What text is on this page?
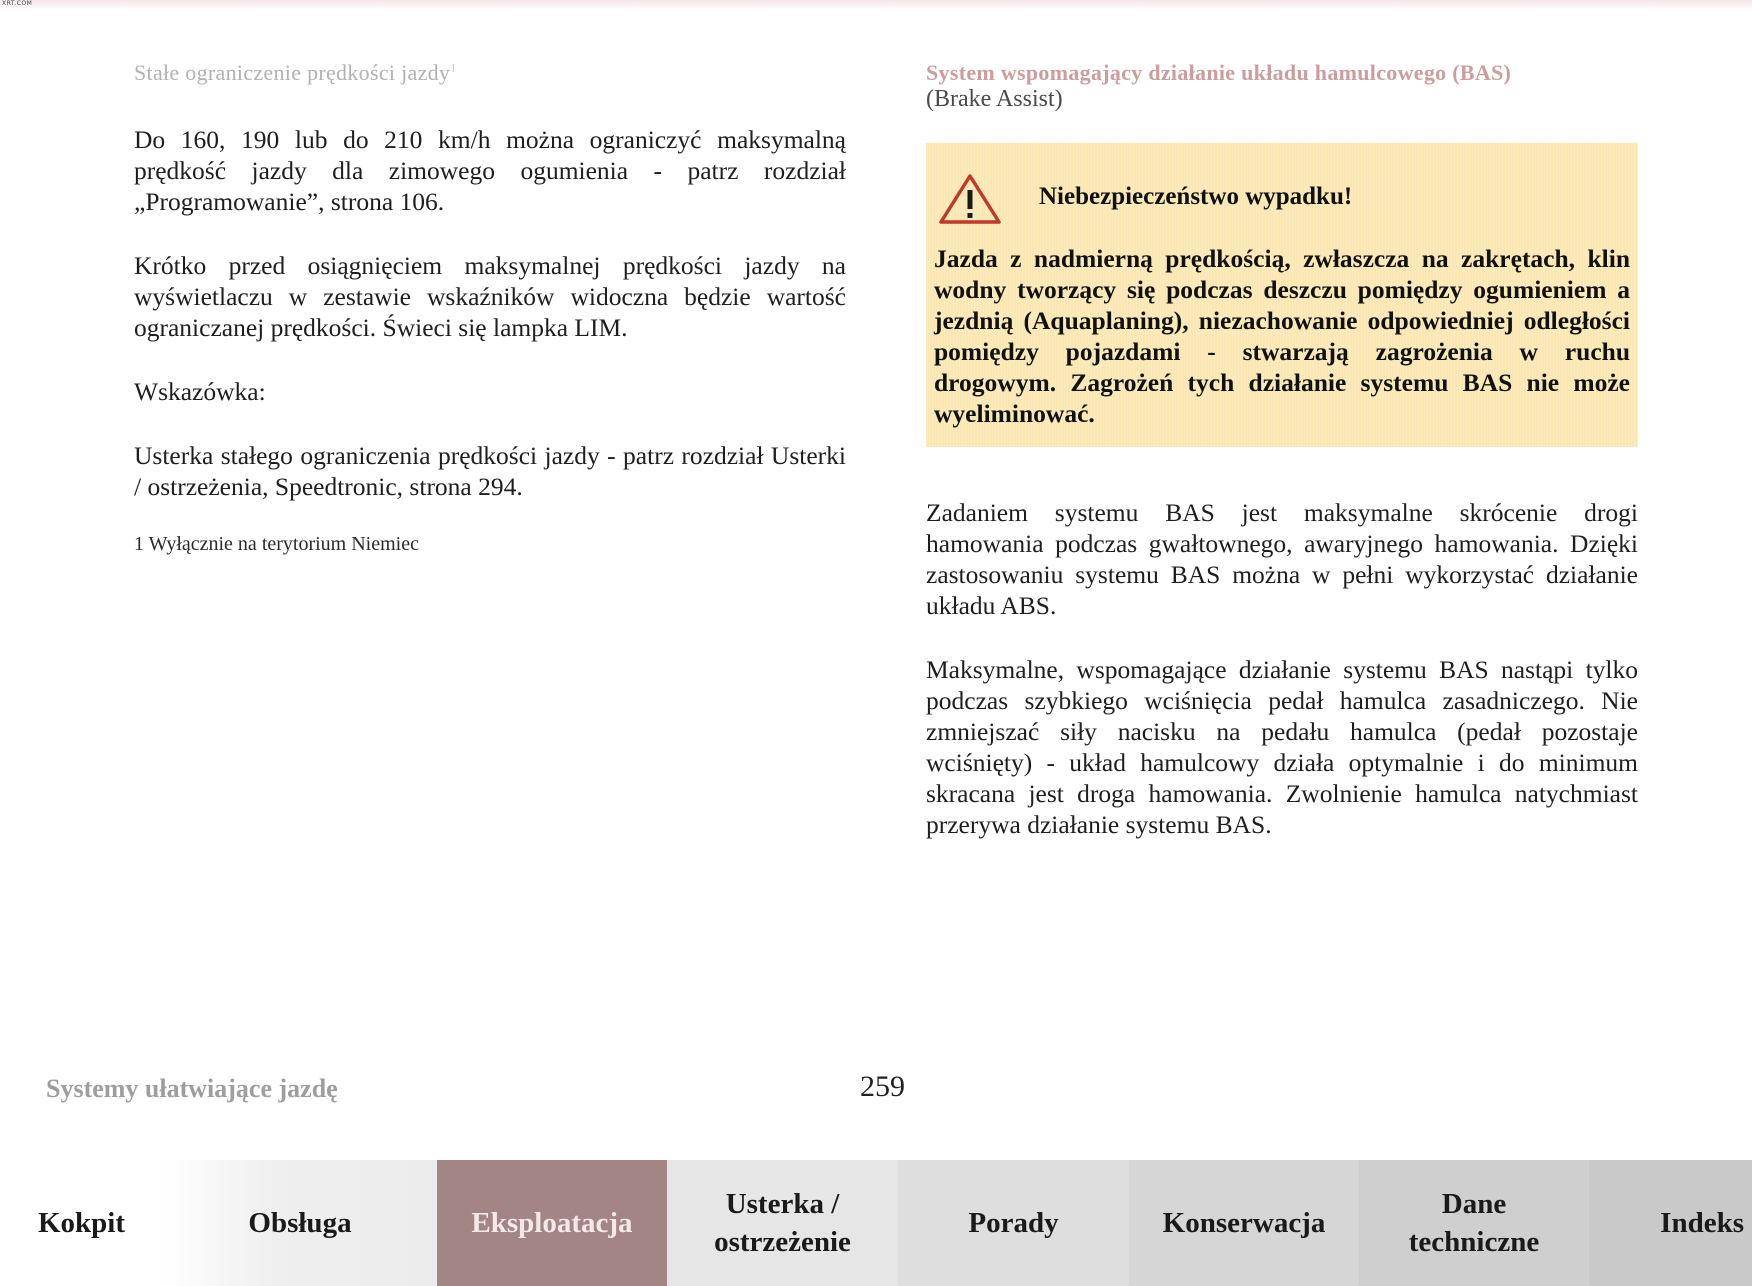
XRT.COM
Stałe ograniczenie prędkości jazdy$^1$

Do 160, 190 lub do 210 km/h można ograniczyć maksymalną prędkość jazdy dla zimowego ogumienia - patrz rozdział „Programowanie”, strona 106.

Krótko przed osiągnięciem maksymalnej prędkości jazdy na wyświetlaczu w zestawie wskaźników widoczna będzie wartość ograniczanej prędkości. Świeci się lampka LIM.

Wskazówka:

Usterka stałego ograniczenia prędkości jazdy - patrz rozdział Usterki / ostrzeżenia, Speedtronic, strona 294.

1 Wyłącznie na terytorium Niemiec
System wspomagający działanie układu hamulcowego (BAS)
(Brake Assist)
Niebezpieczeństwo wypadku!
Jazda z nadmierną prędkością, zwłaszcza na zakrętach, klin wodny tworzący się podczas deszczu pomiędzy ogumieniem a jezdnią (Aquaplaning), niezachowanie odpowiedniej odległości pomiędzy pojazdami - stwarzają zagrożenia w ruchu drogowym. Zagrożeń tych działanie systemu BAS nie może wyeliminować.

Zadaniem systemu BAS jest maksymalne skrócenie drogi hamowania podczas gwałtownego, awaryjnego hamowania. Dzięki zastosowaniu systemu BAS można w pełni wykorzystać działanie układu ABS.

Maksymalne, wspomagające działanie systemu BAS nastąpi tylko podczas szybkiego wciśnięcia pedał hamulca zasadniczego. Nie zmniejszać siły nacisku na pedału hamulca (pedał pozostaje wciśnięty) - układ hamulcowy działa optymalnie i do minimum skracana jest droga hamowania. Zwolnienie hamulca natychmiast przerywa działanie systemu BAS.

Systemy ułatwiające jazdę	259
Kokpit	Obsługa	Eksploatacja
Usterka /
ostrzeżenie
Porady	Konserwacja
Dane
techniczne
Indeks
